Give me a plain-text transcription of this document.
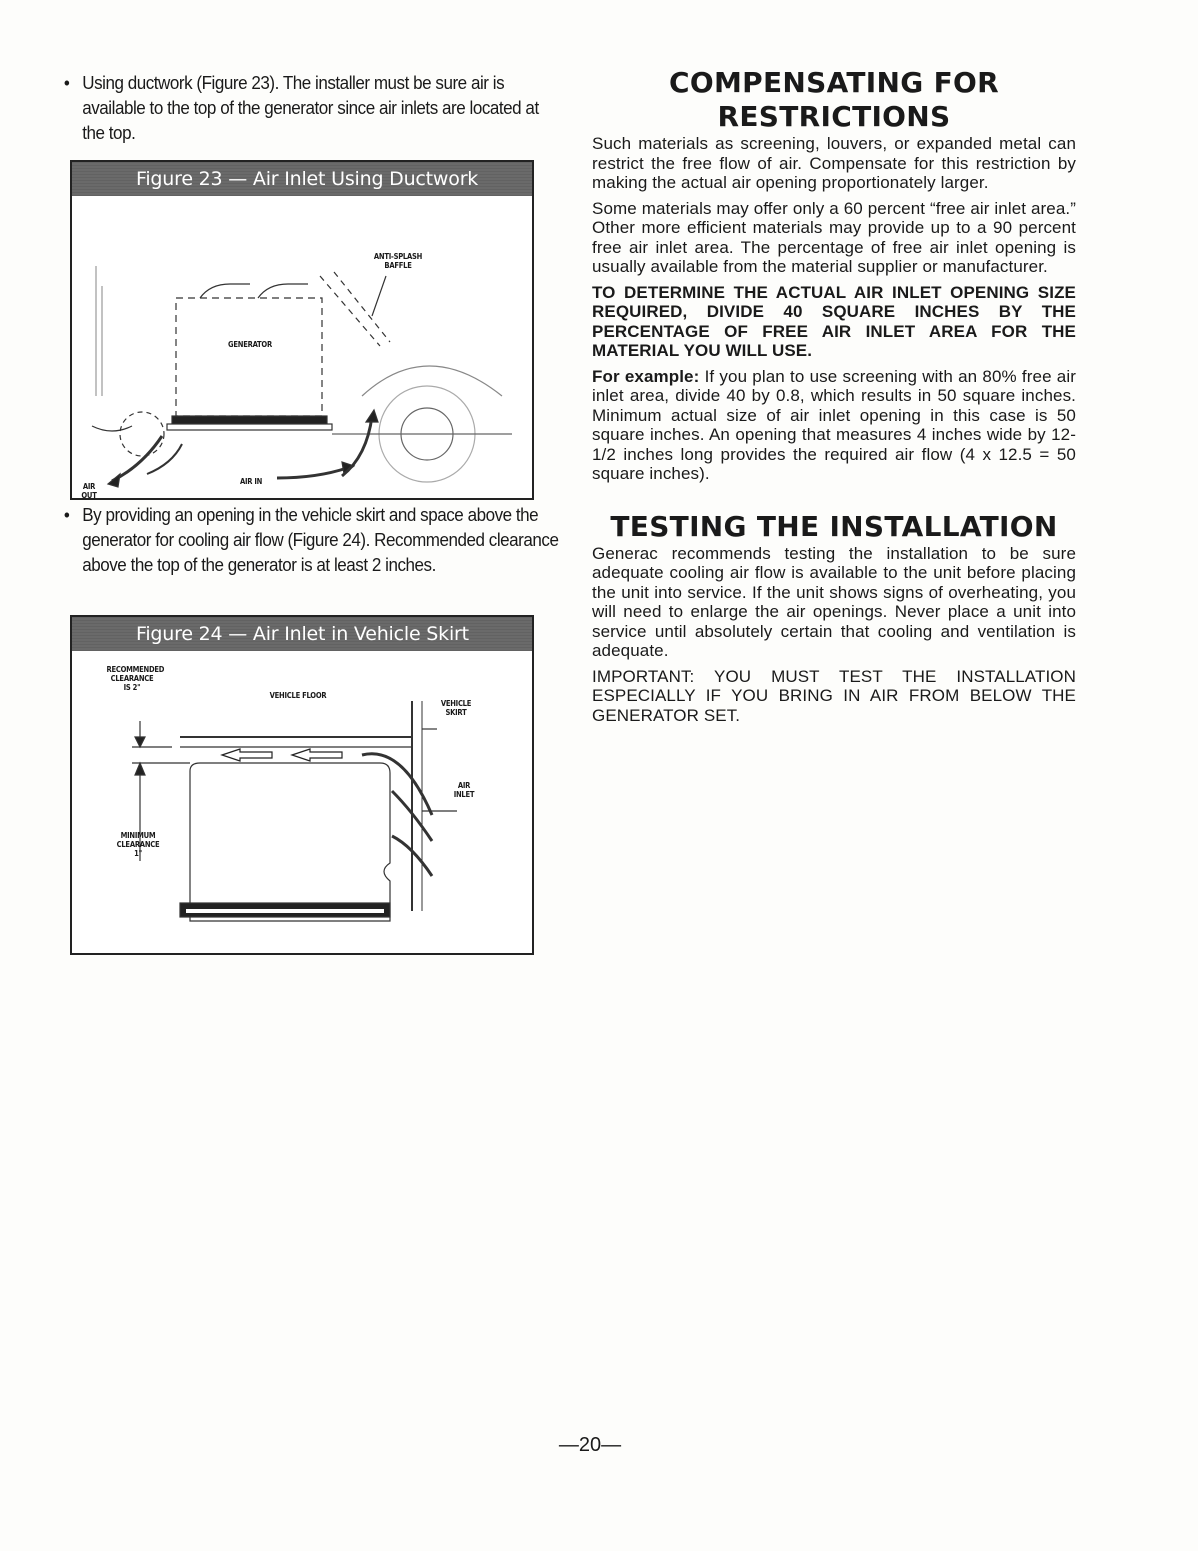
• Using ductwork (Figure 23). The installer must be sure air is available to the top of the generator since air inlets are located at the top.
Figure 23 — Air Inlet Using Ductwork
ANTI-SPLASH BAFFLE
GENERATOR
AIR OUT
AIR IN
• By providing an opening in the vehicle skirt and space above the generator for cooling air flow (Figure 24). Recommended clearance above the top of the generator is at least 2 inches.
Figure 24 — Air Inlet in Vehicle Skirt
RECOMMENDED CLEARANCE IS 2"
VEHICLE FLOOR
VEHICLE SKIRT
AIR INLET
MINIMUM CLEARANCE 1"
COMPENSATING FOR
RESTRICTIONS

Such materials as screening, louvers, or expanded metal can restrict the free flow of air. Compensate for this restriction by making the actual air opening proportionately larger.

Some materials may offer only a 60 percent “free air inlet area.” Other more efficient materials may provide up to a 90 percent free air inlet area. The percentage of free air inlet opening is usually available from the material supplier or manufacturer.

TO DETERMINE THE ACTUAL AIR INLET OPENING SIZE REQUIRED, DIVIDE 40 SQUARE INCHES BY THE PERCENTAGE OF FREE AIR INLET AREA FOR THE MATERIAL YOU WILL USE.

For example: If you plan to use screening with an 80% free air inlet area, divide 40 by 0.8, which results in 50 square inches. Minimum actual size of air inlet opening in this case is 50 square inches. An opening that measures 4 inches wide by 12-1/2 inches long provides the required air flow (4 x 12.5 = 50 square inches).

TESTING THE INSTALLATION

Generac recommends testing the installation to be sure adequate cooling air flow is available to the unit before placing the unit into service. If the unit shows signs of overheating, you will need to enlarge the air openings. Never place a unit into service until absolutely certain that cooling and ventilation is adequate.

IMPORTANT: YOU MUST TEST THE INSTALLATION ESPECIALLY IF YOU BRING IN AIR FROM BELOW THE GENERATOR SET.

—20—
